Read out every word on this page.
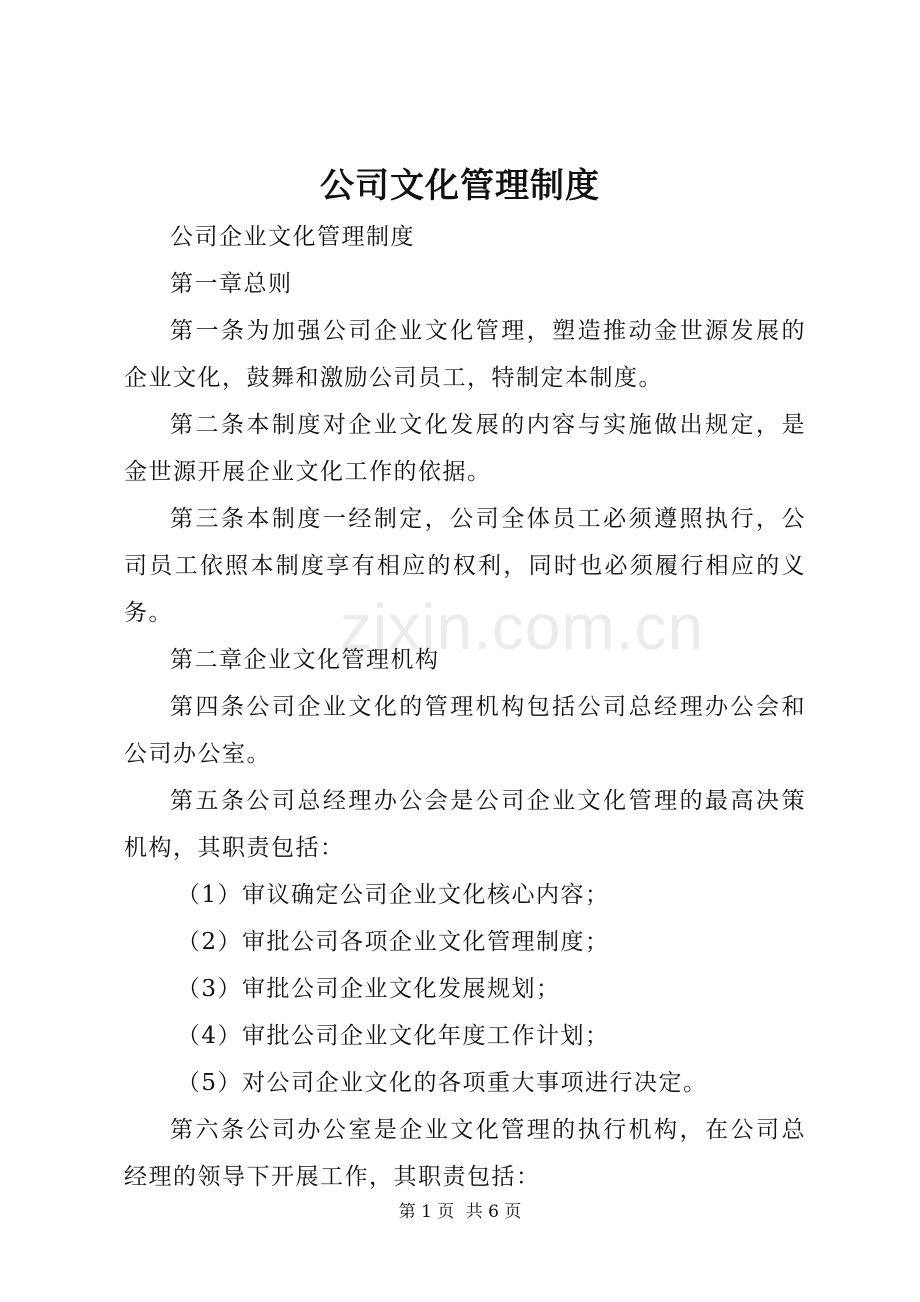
公司文化管理制度

公司企业文化管理制度

第一章总则

第一条为加强公司企业文化管理，塑造推动金世源发展的企业文化，鼓舞和激励公司员工，特制定本制度。

第二条本制度对企业文化发展的内容与实施做出规定，是金世源开展企业文化工作的依据。

第三条本制度一经制定，公司全体员工必须遵照执行，公司员工依照本制度享有相应的权利，同时也必须履行相应的义务。

第二章企业文化管理机构

第四条公司企业文化的管理机构包括公司总经理办公会和公司办公室。

第五条公司总经理办公会是公司企业文化管理的最高决策机构，其职责包括：

（1）审议确定公司企业文化核心内容；

（2）审批公司各项企业文化管理制度；

（3）审批公司企业文化发展规划；

（4）审批公司企业文化年度工作计划；

（5）对公司企业文化的各项重大事项进行决定。

第六条公司办公室是企业文化管理的执行机构，在公司总经理的领导下开展工作，其职责包括：

zixin.com.cn
第 1 页 共 6 页
